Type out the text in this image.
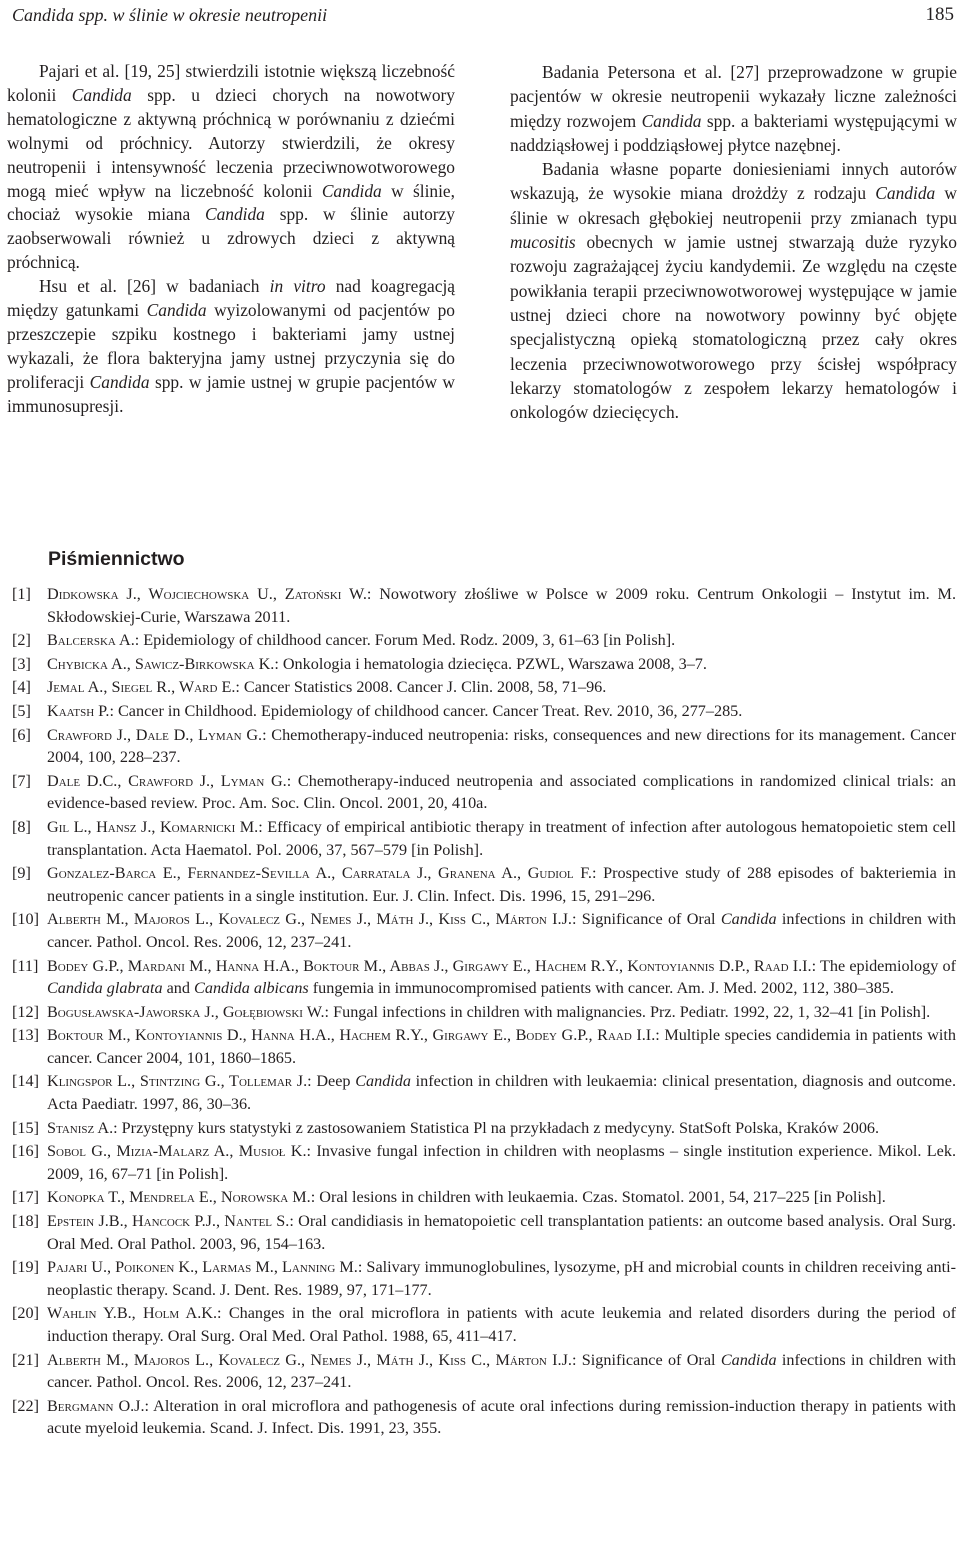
Candida spp. w ślinie w okresie neutropenii	185

Pajari et al. [19, 25] stwierdzili istotnie większą liczebność kolonii Candida spp. u dzieci chorych na nowotwory hematologiczne z aktywną próchnicą w porównaniu z dziećmi wolnymi od próchnicy. Autorzy stwierdzili, że okresy neutropenii i intensywność leczenia przeciwnowotworowego mogą mieć wpływ na liczebność kolonii Candida w ślinie, chociaż wysokie miana Candida spp. w ślinie autorzy zaobserwowali również u zdrowych dzieci z aktywną próchnicą.

Hsu et al. [26] w badaniach in vitro nad koagregacją między gatunkami Candida wyizolowanymi od pacjentów po przeszczepie szpiku kostnego i bakteriami jamy ustnej wykazali, że flora bakteryjna jamy ustnej przyczynia się do proliferacji Candida spp. w jamie ustnej w grupie pacjentów w immunosupresji.

Badania Petersona et al. [27] przeprowadzone w grupie pacjentów w okresie neutropenii wykazały liczne zależności między rozwojem Candida spp. a bakteriami występującymi w naddziąsłowej i poddziąsłowej płytce nazębnej.

Badania własne poparte doniesieniami innych autorów wskazują, że wysokie miana drożdży z rodzaju Candida w ślinie w okresach głębokiej neutropenii przy zmianach typu mucositis obecnych w jamie ustnej stwarzają duże ryzyko rozwoju zagrażającej życiu kandydemii. Ze względu na częste powikłania terapii przeciwnowotworowej występujące w jamie ustnej dzieci chore na nowotwory powinny być objęte specjalistyczną opieką stomatologiczną przez cały okres leczenia przeciwnowotworowego przy ścisłej współpracy lekarzy stomatologów z zespołem lekarzy hematologów i onkologów dziecięcych.

Piśmiennictwo
[1] Didkowska J., Wojciechowska U., Zatoński W.: Nowotwory złośliwe w Polsce w 2009 roku. Centrum Onkologii – Instytut im. M. Skłodowskiej-Curie, Warszawa 2011.
[2] Balcerska A.: Epidemiology of childhood cancer. Forum Med. Rodz. 2009, 3, 61–63 [in Polish].
[3] Chybicka A., Sawicz-Birkowska K.: Onkologia i hematologia dziecięca. PZWL, Warszawa 2008, 3–7.
[4] Jemal A., Siegel R., Ward E.: Cancer Statistics 2008. Cancer J. Clin. 2008, 58, 71–96.
[5] Kaatsh P.: Cancer in Childhood. Epidemiology of childhood cancer. Cancer Treat. Rev. 2010, 36, 277–285.
[6] Crawford J., Dale D., Lyman G.: Chemotherapy-induced neutropenia: risks, consequences and new directions for its management. Cancer 2004, 100, 228–237.
[7] Dale D.C., Crawford J., Lyman G.: Chemotherapy-induced neutropenia and associated complications in randomized clinical trials: an evidence-based review. Proc. Am. Soc. Clin. Oncol. 2001, 20, 410a.
[8] Gil L., Hansz J., Komarnicki M.: Efficacy of empirical antibiotic therapy in treatment of infection after autologous hematopoietic stem cell transplantation. Acta Haematol. Pol. 2006, 37, 567–579 [in Polish].
[9] Gonzalez-Barca E., Fernandez-Sevilla A., Carratala J., Granena A., Gudiol F.: Prospective study of 288 episodes of bakteriemia in neutropenic cancer patients in a single institution. Eur. J. Clin. Infect. Dis. 1996, 15, 291–296.
[10] Alberth M., Majoros L., Kovalecz G., Nemes J., Máth J., Kiss C., Márton I.J.: Significance of Oral Candida infections in children with cancer. Pathol. Oncol. Res. 2006, 12, 237–241.
[11] Bodey G.P., Mardani M., Hanna H.A., Boktour M., Abbas J., Girgawy E., Hachem R.Y., Kontoyiannis D.P., Raad I.I.: The epidemiology of Candida glabrata and Candida albicans fungemia in immunocompromised patients with cancer. Am. J. Med. 2002, 112, 380–385.
[12] Bogusławska-Jaworska J., Gołębiowski W.: Fungal infections in children with malignancies. Prz. Pediatr. 1992, 22, 1, 32–41 [in Polish].
[13] Boktour M., Kontoyiannis D., Hanna H.A., Hachem R.Y., Girgawy E., Bodey G.P., Raad I.I.: Multiple species candidemia in patients with cancer. Cancer 2004, 101, 1860–1865.
[14] Klingspor L., Stintzing G., Tollemar J.: Deep Candida infection in children with leukaemia: clinical presentation, diagnosis and outcome. Acta Paediatr. 1997, 86, 30–36.
[15] Stanisz A.: Przystępny kurs statystyki z zastosowaniem Statistica Pl na przykładach z medycyny. StatSoft Polska, Kraków 2006.
[16] Sobol G., Mizia-Malarz A., Musioł K.: Invasive fungal infection in children with neoplasms – single institution experience. Mikol. Lek. 2009, 16, 67–71 [in Polish].
[17] Konopka T., Mendrela E., Norowska M.: Oral lesions in children with leukaemia. Czas. Stomatol. 2001, 54, 217–225 [in Polish].
[18] Epstein J.B., Hancock P.J., Nantel S.: Oral candidiasis in hematopoietic cell transplantation patients: an outcome based analysis. Oral Surg. Oral Med. Oral Pathol. 2003, 96, 154–163.
[19] Pajari U., Poikonen K., Larmas M., Lanning M.: Salivary immunoglobulines, lysozyme, pH and microbial counts in children receiving anti-neoplastic therapy. Scand. J. Dent. Res. 1989, 97, 171–177.
[20] Wahlin Y.B., Holm A.K.: Changes in the oral microflora in patients with acute leukemia and related disorders during the period of induction therapy. Oral Surg. Oral Med. Oral Pathol. 1988, 65, 411–417.
[21] Alberth M., Majoros L., Kovalecz G., Nemes J., Máth J., Kiss C., Márton I.J.: Significance of Oral Candida infections in children with cancer. Pathol. Oncol. Res. 2006, 12, 237–241.
[22] Bergmann O.J.: Alteration in oral microflora and pathogenesis of acute oral infections during remission-induction therapy in patients with acute myeloid leukemia. Scand. J. Infect. Dis. 1991, 23, 355.
